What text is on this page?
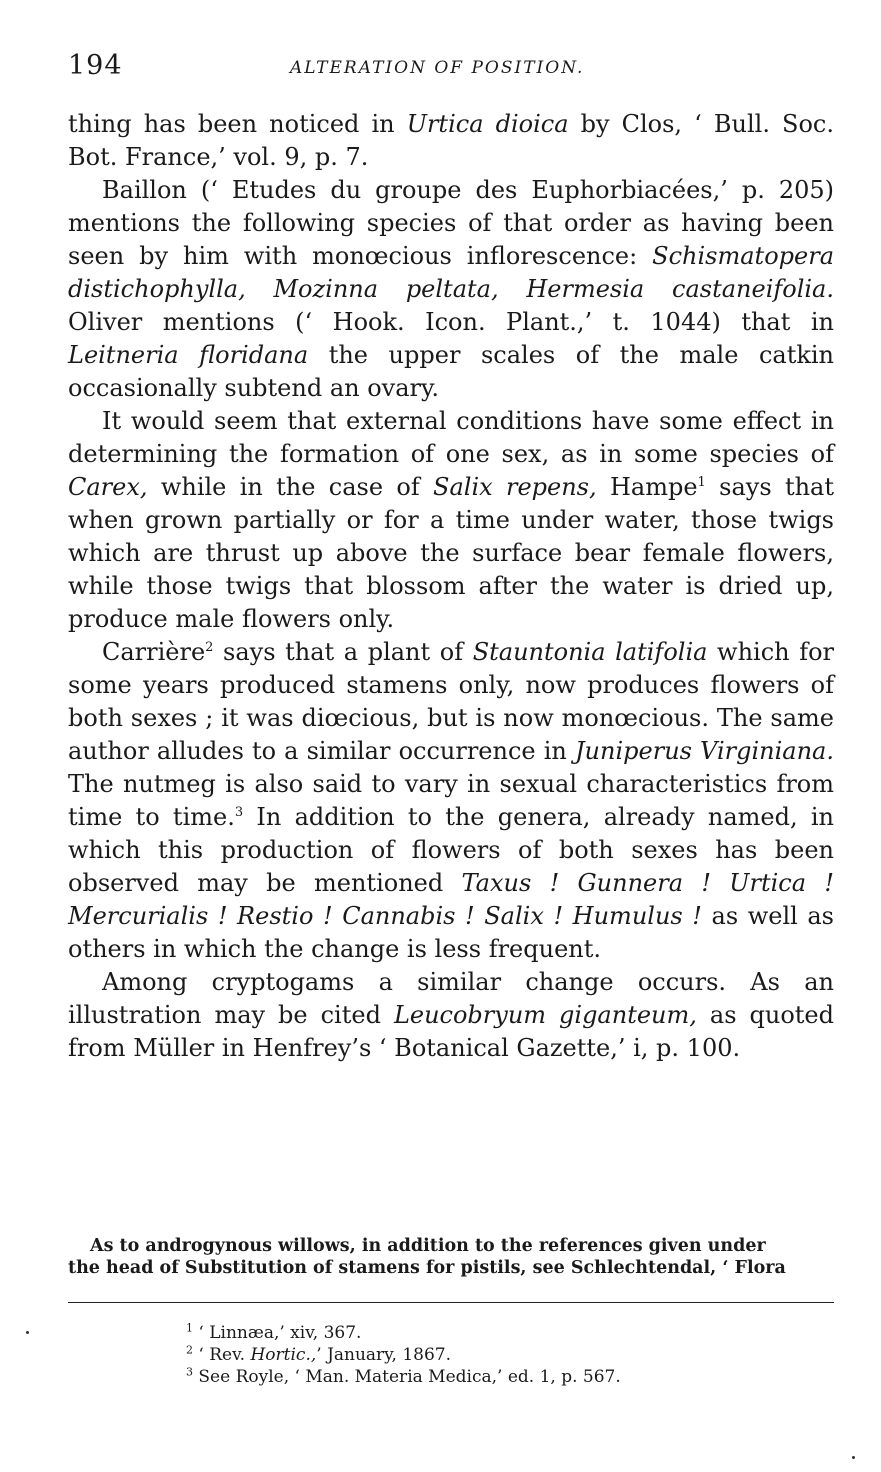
194	ALTERATION OF POSITION.

thing has been noticed in Urtica dioica by Clos, ‘ Bull. Soc. Bot. France,’ vol. 9, p. 7.

Baillon (‘ Etudes du groupe des Euphorbiacées,’ p. 205) mentions the following species of that order as having been seen by him with monœcious inflorescence: Schismatopera distichophylla, Mozinna peltata, Hermesia castaneifolia. Oliver mentions (‘ Hook. Icon. Plant.,’ t. 1044) that in Leitneria floridana the upper scales of the male catkin occasionally subtend an ovary.

It would seem that external conditions have some effect in determining the formation of one sex, as in some species of Carex, while in the case of Salix repens, Hampe$^1$ says that when grown partially or for a time under water, those twigs which are thrust up above the surface bear female flowers, while those twigs that blossom after the water is dried up, produce male flowers only.

Carrière$^2$ says that a plant of Stauntonia latifolia which for some years produced stamens only, now produces flowers of both sexes ; it was diœcious, but is now monœcious. The same author alludes to a similar occurrence in Juniperus Virginiana. The nutmeg is also said to vary in sexual characteristics from time to time.$^3$ In addition to the genera, already named, in which this production of flowers of both sexes has been observed may be mentioned Taxus ! Gunnera ! Urtica ! Mercurialis ! Restio ! Cannabis ! Salix ! Humulus ! as well as others in which the change is less frequent.

Among cryptogams a similar change occurs. As an illustration may be cited Leucobryum giganteum, as quoted from Müller in Henfrey’s ‘ Botanical Gazette,’ i, p. 100.

As to androgynous willows, in addition to the references given under
the head of Substitution of stamens for pistils, see Schlechtendal, ‘ Flora
$^1$ ‘ Linnæa,’ xiv, 367.
$^2$ ‘ Rev. Hortic.,’ January, 1867.
$^3$ See Royle, ‘ Man. Materia Medica,’ ed. 1, p. 567.
